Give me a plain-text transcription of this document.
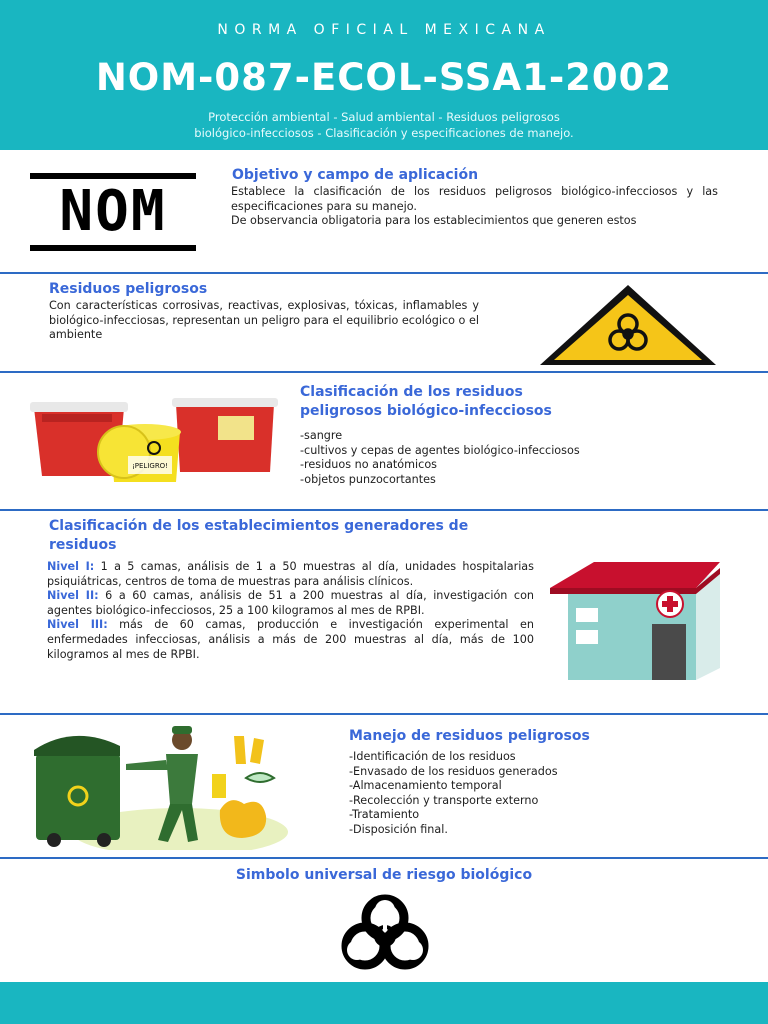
NORMA OFICIAL MEXICANA
NOM-087-ECOL-SSA1-2002
Protección ambiental - Salud ambiental - Residuos peligrosos
biológico-infecciosos - Clasificación y especificaciones de manejo.
NOM
Objetivo y campo de aplicación
Establece la clasificación de los residuos peligrosos biológico-infecciosos y las especificaciones para su manejo.
De observancia obligatoria para los establecimientos que generen estos
Residuos peligrosos
Con características corrosivas, reactivas, explosivas, tóxicas, inflamables y biológico-infecciosas, representan un peligro para el equilibrio ecológico o el ambiente
¡PELIGRO!
Clasificación de los residuos
peligrosos biológico-infecciosos
-sangre
-cultivos y cepas de agentes biológico-infecciosos
-residuos no anatómicos
-objetos punzocortantes
Clasificación de los establecimientos generadores de
residuos
Nivel I: 1 a 5 camas, análisis de 1 a 50 muestras al día, unidades hospitalarias psiquiátricas, centros de toma de muestras para análisis clínicos.
Nivel II: 6 a 60 camas, análisis de 51 a 200 muestras al día, investigación con agentes biológico-infecciosos, 25 a 100 kilogramos al mes de RPBI.
Nivel III: más de 60 camas, producción e investigación experimental en enfermedades infecciosas, análisis a más de 200 muestras al día, más de 100 kilogramos al mes de RPBI.
Manejo de residuos peligrosos
-Identificación de los residuos
-Envasado de los residuos generados
-Almacenamiento temporal
-Recolección y transporte externo
-Tratamiento
-Disposición final.
Simbolo universal de riesgo biológico
